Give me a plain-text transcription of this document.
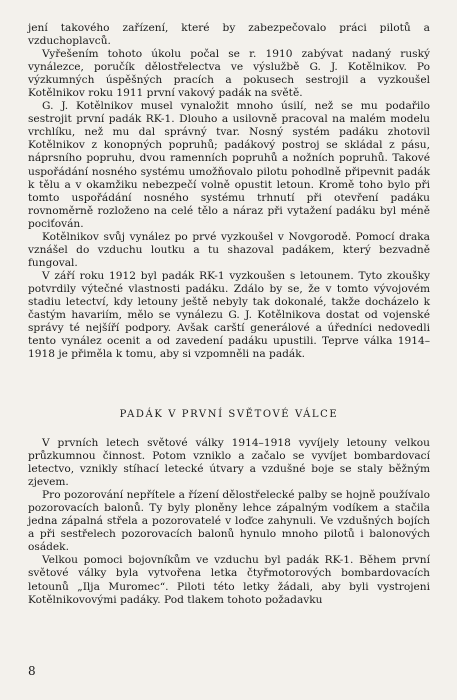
jení takového zařízení, které by zabezpečovalo práci pilotů a vzduchoplavců.

Vyřešením tohoto úkolu počal se r. 1910 zabývat nadaný ruský vynálezce, poručík dělostřelectva ve výslužbě G. J. Kotělnikov. Po výzkumných úspěšných pracích a pokusech sestrojil a vyzkoušel Kotělnikov roku 1911 první vakový padák na světě.

G. J. Kotělnikov musel vynaložit mnoho úsilí, než se mu podařilo sestrojit první padák RK-1. Dlouho a usilovně pracoval na malém modelu vrchlíku, než mu dal správný tvar. Nosný systém padáku zhotovil Kotělnikov z konopných popruhů; padákový postroj se skládal z pásu, náprsního popruhu, dvou ramenních popruhů a nožních popruhů. Takové uspořádání nosného systému umožňovalo pilotu pohodlně připevnit padák k tělu a v okamžiku nebezpečí volně opustit letoun. Kromě toho bylo při tomto uspořádání nosného systému trhnutí při otevření padáku rovnoměrně rozloženo na celé tělo a náraz při vytažení padáku byl méně pociťován.

Kotělnikov svůj vynález po prvé vyzkoušel v Novgorodě. Pomocí draka vznášel do vzduchu loutku a tu shazoval padákem, který bezvadně fungoval.

V září roku 1912 byl padák RK-1 vyzkoušen s letounem. Tyto zkoušky potvrdily výtečné vlastnosti padáku. Zdálo by se, že v tomto vývojovém stadiu letectví, kdy letouny ještě nebyly tak dokonalé, takže docházelo k častým havariím, mělo se vynálezu G. J. Kotělnikova dostat od vojenské správy té nejšíří podpory. Avšak carští generálové a úředníci nedovedli tento vynález ocenit a od zavedení padáku upustili. Teprve válka 1914–1918 je přiměla k tomu, aby si vzpomněli na padák.

PADÁK V PRVNÍ SVĚTOVÉ VÁLCE

V prvních letech světové války 1914–1918 vyvíjely letouny velkou průzkumnou činnost. Potom vzniklo a začalo se vyvíjet bombardovací letectvo, vznikly stíhací letecké útvary a vzdušné boje se staly běžným zjevem.

Pro pozorování nepřítele a řízení dělostřelecké palby se hojně používalo pozorovacích balonů. Ty byly ploněny lehce zápalným vodíkem a stačila jedna zápalná střela a pozorovatelé v loďce zahynuli. Ve vzdušných bojích a při sestřelech pozorovacích balonů hynulo mnoho pilotů i balonových osádek.

Velkou pomoci bojovníkům ve vzduchu byl padák RK-1. Během první světové války byla vytvořena letka čtyřmotorových bombardovacích letounů „Ilja Muromec“. Piloti této letky žádali, aby byli vystrojeni Kotělnikovovými padáky. Pod tlakem tohoto požadavku

8
